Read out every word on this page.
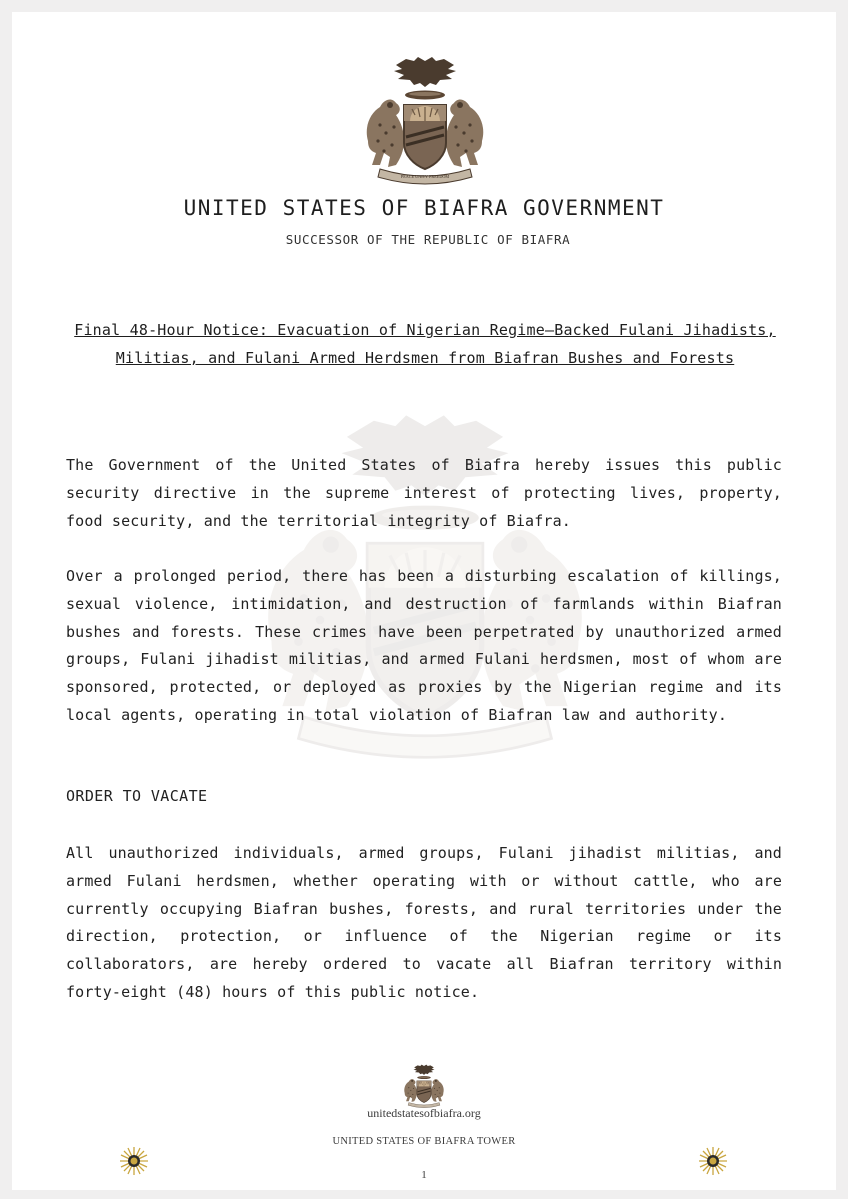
PEACE UNITY FREEDOM
UNITED STATES OF BIAFRA GOVERNMENT
SUCCESSOR OF THE REPUBLIC OF BIAFRA
Final 48-Hour Notice: Evacuation of Nigerian Regime–Backed Fulani Jihadists, Militias, and Fulani Armed Herdsmen from Biafran Bushes and Forests

The Government of the United States of Biafra hereby issues this public security directive in the supreme interest of protecting lives, property, food security, and the territorial integrity of Biafra.

Over a prolonged period, there has been a disturbing escalation of killings, sexual violence, intimidation, and destruction of farmlands within Biafran bushes and forests. These crimes have been perpetrated by unauthorized armed groups, Fulani jihadist militias, and armed Fulani herdsmen, most of whom are sponsored, protected, or deployed as proxies by the Nigerian regime and its local agents, operating in total violation of Biafran law and authority.

ORDER TO VACATE

All unauthorized individuals, armed groups, Fulani jihadist militias, and armed Fulani herdsmen, whether operating with or without cattle, who are currently occupying Biafran bushes, forests, and rural territories under the direction, protection, or influence of the Nigerian regime or its collaborators, are hereby ordered to vacate all Biafran territory within forty-eight (48) hours of this public notice.

unitedstatesofbiafra.org
UNITED STATES OF BIAFRA TOWER
1
